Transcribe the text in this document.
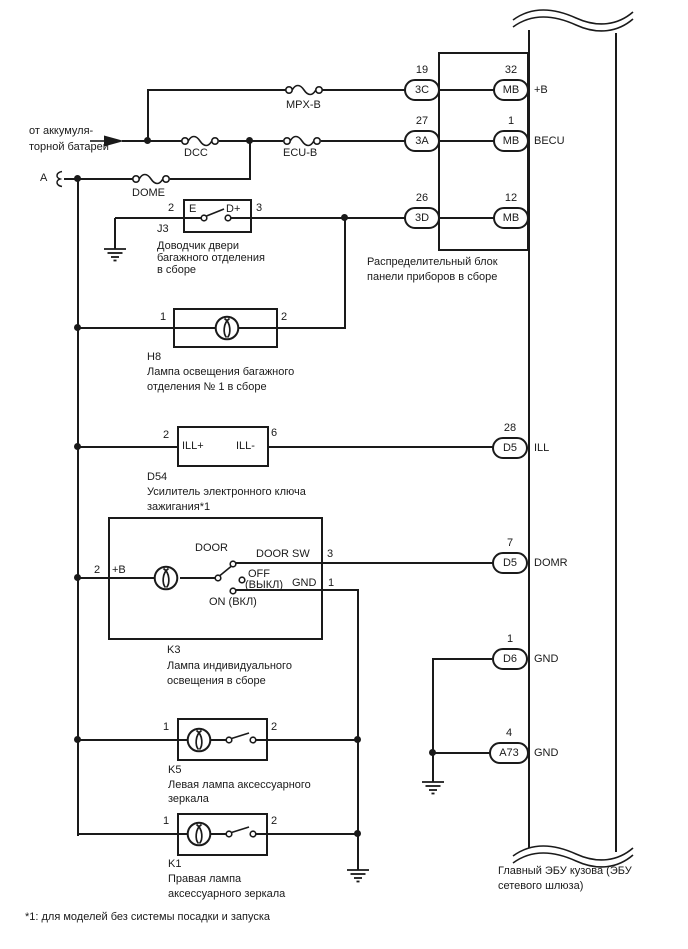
Главный ЭБУ кузова (ЭБУ
сетевого шлюза)
Распределительный блок
панели приборов в сборе
от аккумуля-
торной батареи
A
DCC
MPX-B
ECU-B
DOME
2 E	D+ 3
J3
Доводчик двери
багажного отделения
в сборе
1	2
H8
Лампа освещения багажного
отделения № 1 в сборе
2	6
ILL+	ILL-
D54
Усилитель электронного ключа
зажигания*1
2 +B
DOOR	DOOR SW 3
OFF
(ВЫКЛ) GND 1
ON (ВКЛ)
K3
Лампа индивидуального
освещения в сборе
1	2
K5
Левая лампа аксессуарного
зеркала
1	2
K1
Правая лампа
аксессуарного зеркала
19
3C
27
3A
26
3D
32
MB	+B
1
MB	BECU
12
MB
28
D5	ILL
7
D5	DOMR
1
D6	GND
4
A73	GND
*1: для моделей без системы посадки и запуска
